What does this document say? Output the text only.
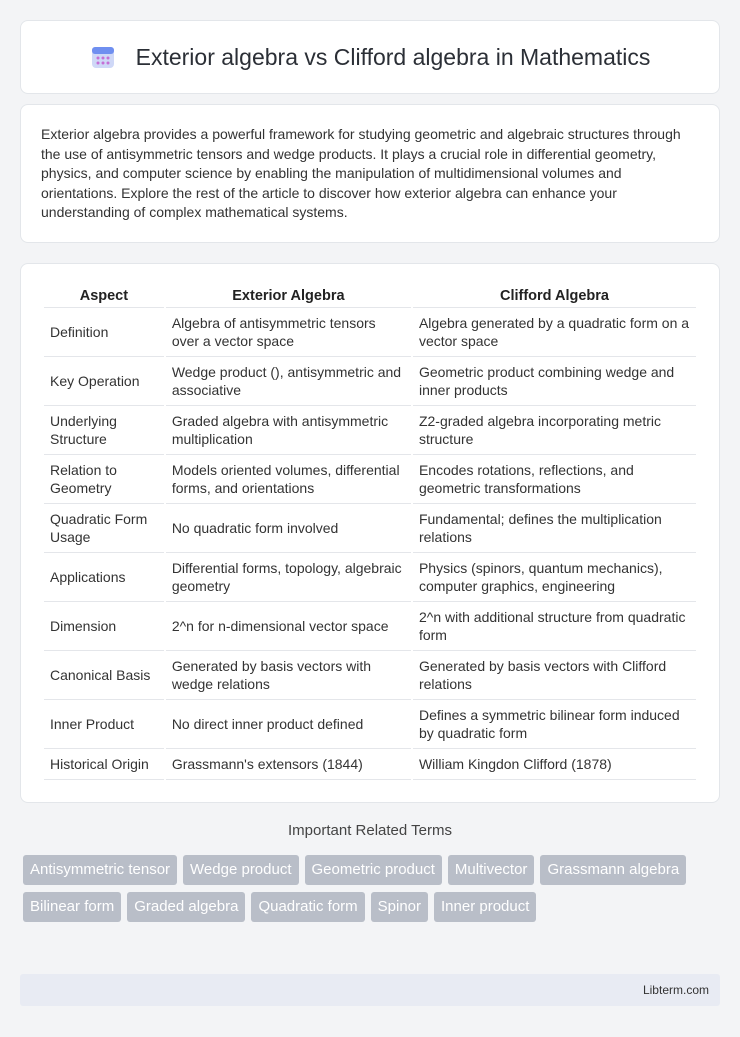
Exterior algebra vs Clifford algebra in Mathematics

Exterior algebra provides a powerful framework for studying geometric and algebraic structures through the use of antisymmetric tensors and wedge products. It plays a crucial role in differential geometry, physics, and computer science by enabling the manipulation of multidimensional volumes and orientations. Explore the rest of the article to discover how exterior algebra can enhance your understanding of complex mathematical systems.

Aspect	Exterior Algebra	Clifford Algebra
Definition	Algebra of antisymmetric tensors over a vector space	Algebra generated by a quadratic form on a vector space
Key Operation	Wedge product (), antisymmetric and associative	Geometric product combining wedge and inner products
Underlying Structure	Graded algebra with antisymmetric multiplication	Z2-graded algebra incorporating metric structure
Relation to Geometry	Models oriented volumes, differential forms, and orientations	Encodes rotations, reflections, and geometric transformations
Quadratic Form Usage	No quadratic form involved	Fundamental; defines the multiplication relations
Applications	Differential forms, topology, algebraic geometry	Physics (spinors, quantum mechanics), computer graphics, engineering
Dimension	2^n for n-dimensional vector space	2^n with additional structure from quadratic form
Canonical Basis	Generated by basis vectors with wedge relations	Generated by basis vectors with Clifford relations
Inner Product	No direct inner product defined	Defines a symmetric bilinear form induced by quadratic form
Historical Origin	Grassmann's extensors (1844)	William Kingdon Clifford (1878)
Important Related Terms
Antisymmetric tensor	Wedge product	Geometric product	Multivector	Grassmann algebra
Bilinear form	Graded algebra	Quadratic form	Spinor	Inner product
Libterm.com
